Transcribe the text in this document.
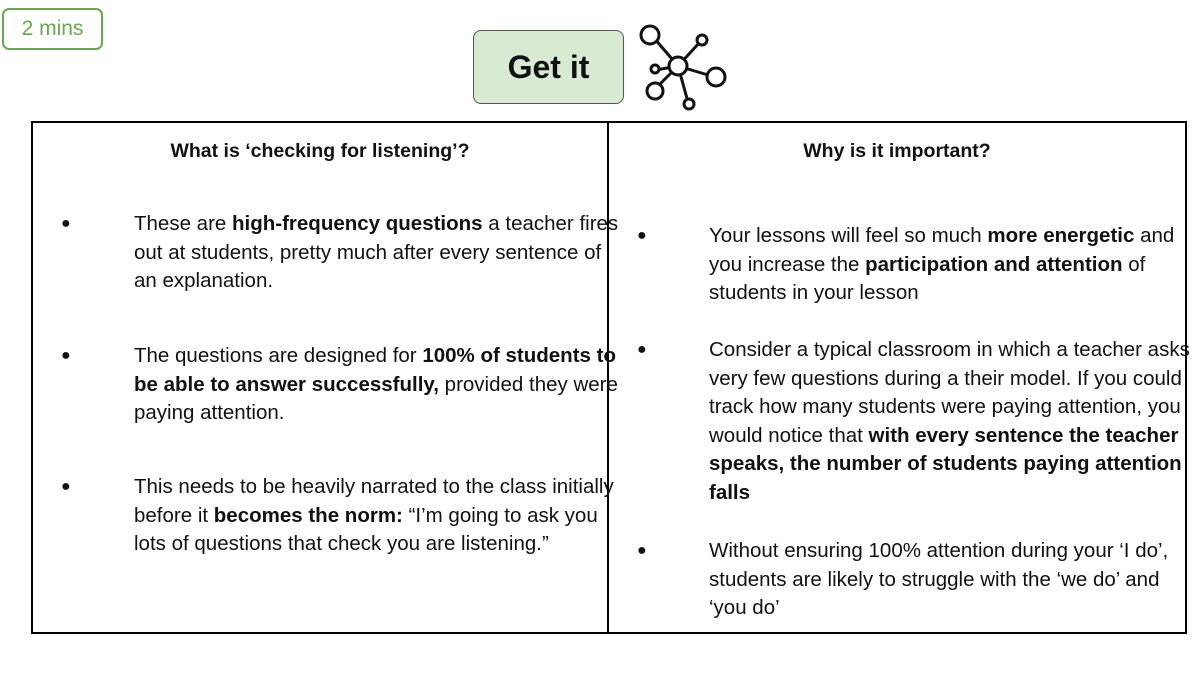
2 mins
Get it
What is ‘checking for listening’?
●	These are high-frequency questions a teacher fires out at students, pretty much after every sentence of an explanation.
●	The questions are designed for 100% of students to be able to answer successfully, provided they were paying attention.
●	This needs to be heavily narrated to the class initially before it becomes the norm: “I’m going to ask you lots of questions that check you are listening.”
Why is it important?
●	Your lessons will feel so much more energetic and you increase the participation and attention of students in your lesson
●	Consider a typical classroom in which a teacher asks very few questions during a their model. If you could track how many students were paying attention, you would notice that with every sentence the teacher speaks, the number of students paying attention falls
●	Without ensuring 100% attention during your ‘I do’, students are likely to struggle with the ‘we do’ and ‘you do’
